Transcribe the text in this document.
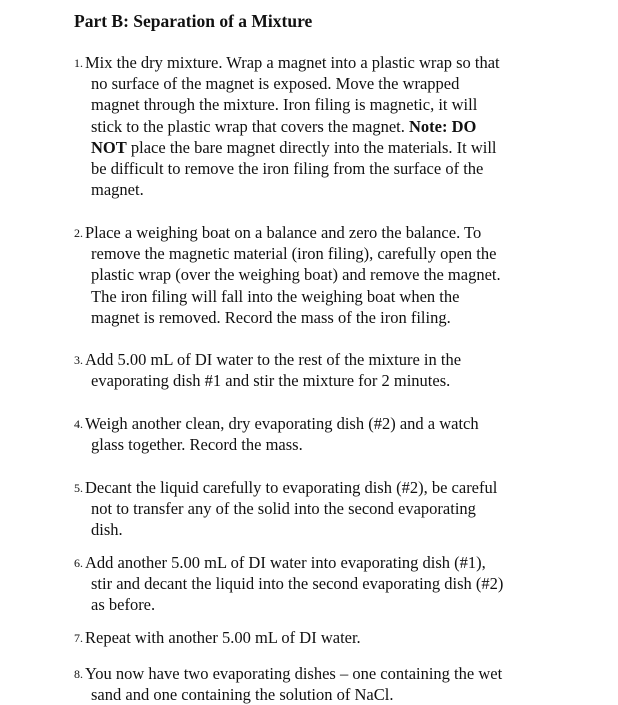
Part B: Separation of a Mixture
1. Mix the dry mixture. Wrap a magnet into a plastic wrap so that
no surface of the magnet is exposed. Move the wrapped
magnet through the mixture. Iron filing is magnetic, it will
stick to the plastic wrap that covers the magnet. Note: DO
NOT place the bare magnet directly into the materials. It will
be difficult to remove the iron filing from the surface of the
magnet.
2. Place a weighing boat on a balance and zero the balance. To
remove the magnetic material (iron filing), carefully open the
plastic wrap (over the weighing boat) and remove the magnet.
The iron filing will fall into the weighing boat when the
magnet is removed. Record the mass of the iron filing.
3. Add 5.00 mL of DI water to the rest of the mixture in the
evaporating dish #1 and stir the mixture for 2 minutes.
4. Weigh another clean, dry evaporating dish (#2) and a watch
glass together. Record the mass.
5. Decant the liquid carefully to evaporating dish (#2), be careful
not to transfer any of the solid into the second evaporating
dish.
6. Add another 5.00 mL of DI water into evaporating dish (#1),
stir and decant the liquid into the second evaporating dish (#2)
as before.
7. Repeat with another 5.00 mL of DI water.
8. You now have two evaporating dishes – one containing the wet
sand and one containing the solution of NaCl.
